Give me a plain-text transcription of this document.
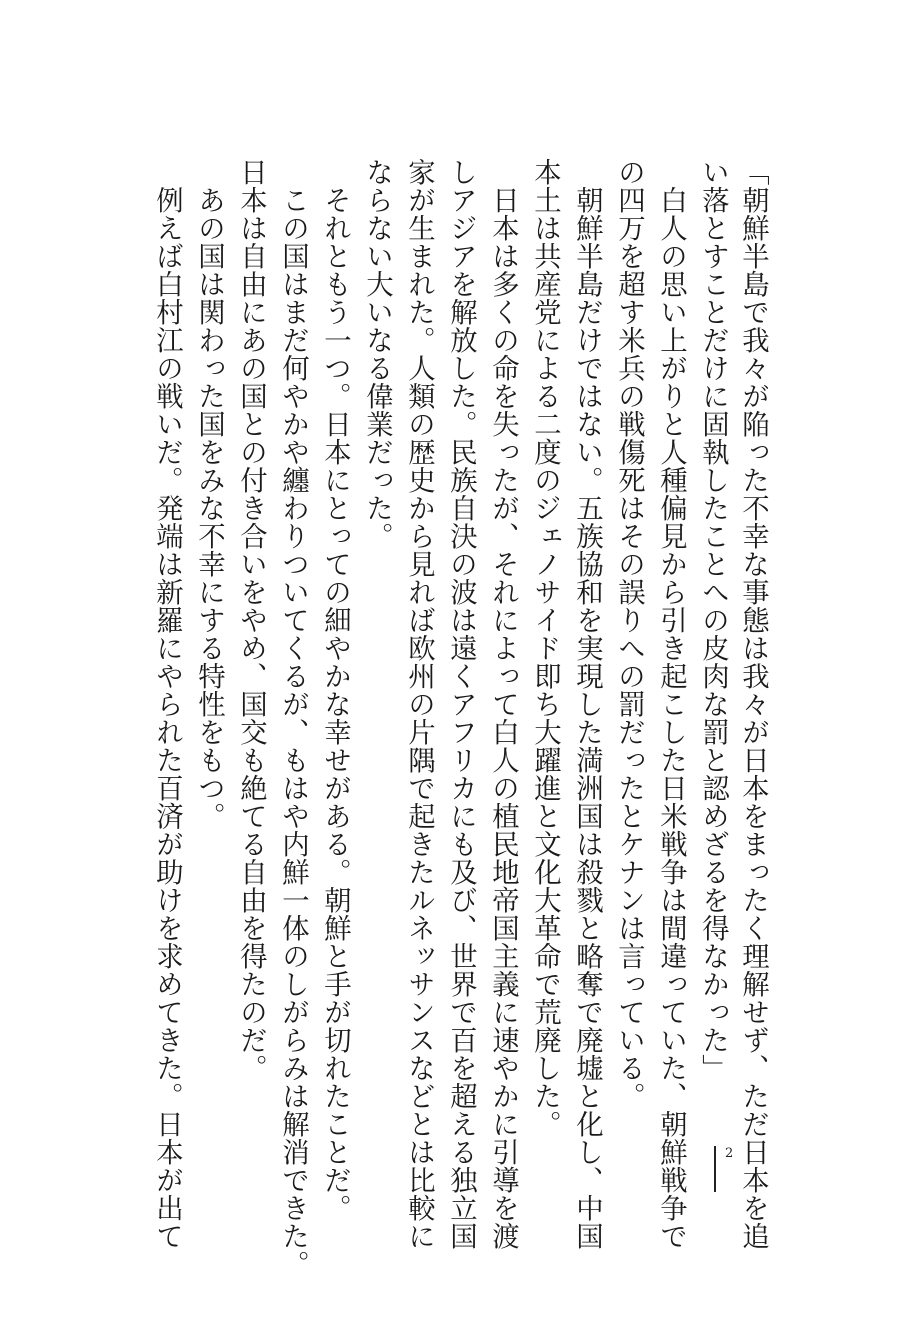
「朝鮮半島で我々が陥った不幸な事態は我々が日本をまったく理解せず、ただ日本を追
い落とすことだけに固執したことへの皮肉な罰と認めざるを得なかった」
　白人の思い上がりと人種偏見から引き起こした日米戦争は間違っていた、朝鮮戦争で
の四万を超す米兵の戦傷死はその誤りへの罰だったとケナンは言っている。
　朝鮮半島だけではない。五族協和を実現した満洲国は殺戮と略奪で廃墟と化し、中国
本土は共産党による二度のジェノサイド即ち大躍進と文化大革命で荒廃した。
　日本は多くの命を失ったが、それによって白人の植民地帝国主義に速やかに引導を渡
しアジアを解放した。民族自決の波は遠くアフリカにも及び、世界で百を超える独立国
家が生まれた。人類の歴史から見れば欧州の片隅で起きたルネッサンスなどとは比較に
ならない大いなる偉業だった。
　それともう一つ。日本にとっての細やかな幸せがある。朝鮮と手が切れたことだ。
　この国はまだ何やかや纏わりついてくるが、もはや内鮮一体のしがらみは解消できた。
日本は自由にあの国との付き合いをやめ、国交も絶てる自由を得たのだ。
　あの国は関わった国をみな不幸にする特性をもつ。
　例えば白村江の戦いだ。発端は新羅にやられた百済が助けを求めてきた。日本が出て	2
